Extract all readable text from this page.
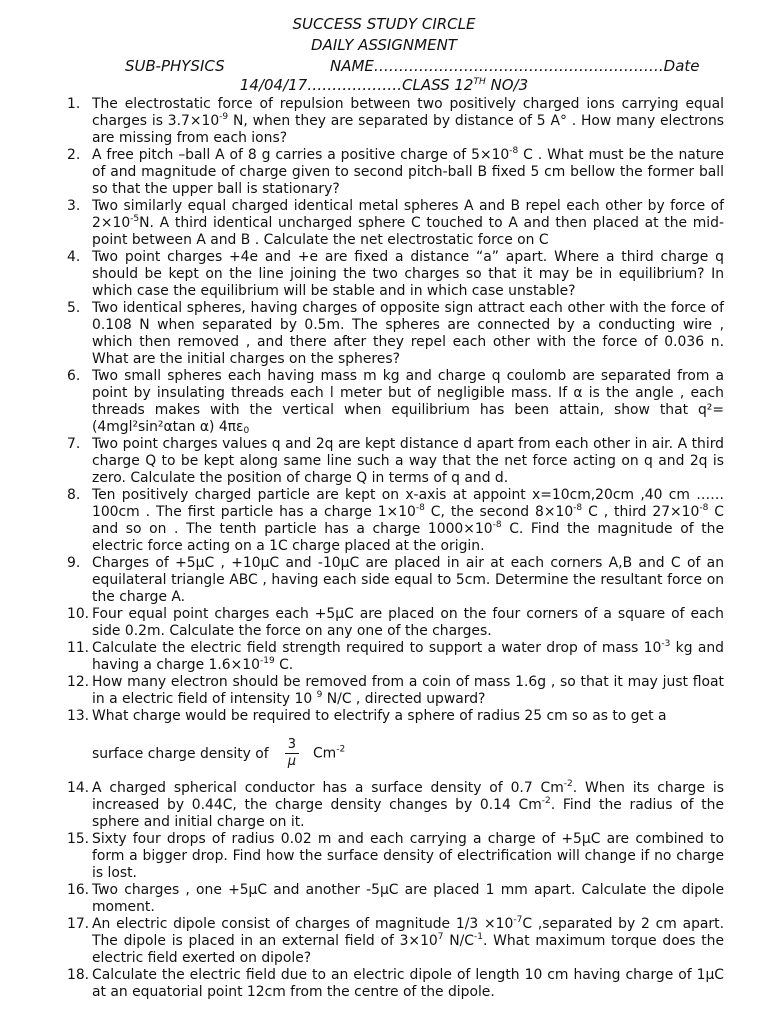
SUCCESS STUDY CIRCLE
DAILY ASSIGNMENT
SUB-PHYSICS	NAME………………………………………………….Date
14/04/17……………….CLASS 12TH NO/3
1. The electrostatic force of repulsion between two positively charged ions carrying equal charges is $3.7\times 10^{-9}$ N, when they are separated by distance of 5 A° . How many electrons are missing from each ions?
2. A free pitch –ball A of 8 g carries a positive charge of $5\times 10^{-8}$ C . What must be the nature of and magnitude of charge given to second pitch-ball B fixed 5 cm bellow the former ball so that the upper ball is stationary?
3. Two similarly equal charged identical metal spheres A and B repel each other by force of $2\times 10^{-5}N$. A third identical uncharged sphere C touched to A and then placed at the mid-point between A and B . Calculate the net electrostatic force on C
4. Two point charges +4e and +e are fixed a distance “a” apart. Where a third charge q should be kept on the line joining the two charges so that it may be in equilibrium? In which case the equilibrium will be stable and in which case unstable?
5. Two identical spheres, having charges of opposite sign attract each other with the force of 0.108 N when separated by 0.5m. The spheres are connected by a conducting wire , which then removed , and there after they repel each other with the force of 0.036 n. What are the initial charges on the spheres?
6. Two small spheres each having mass m kg and charge q coulomb are separated from a point by insulating threads each l meter but of negligible mass. If α is the angle , each threads makes with the vertical when equilibrium has been attain, show that q²=(4mgl²sin²αtan α) $4\pi\varepsilon_0$
7. Two point charges values q and 2q are kept distance d apart from each other in air. A third charge Q to be kept along same line such a way that the net force acting on q and 2q is zero. Calculate the position of charge Q in terms of q and d.
8. Ten positively charged particle are kept on x-axis at appoint x=10cm,20cm ,40 cm ……100cm . The first particle has a charge $1\times 10^{-8}$ C, the second $8\times 10^{-8}$ C , third $27\times 10^{-8}$ C and so on . The tenth particle has a charge $1000\times 10^{-8}$ C. Find the magnitude of the electric force acting on a 1C charge placed at the origin.
9. Charges of +5μC , +10μC and -10μC are placed in air at each corners A,B and C of an equilateral triangle ABC , having each side equal to 5cm. Determine the resultant force on the charge A.
10. Four equal point charges each +5μC are placed on the four corners of a square of each side 0.2m. Calculate the force on any one of the charges.
11. Calculate the electric field strength required to support a water drop of mass $10^{-3}$ kg and having a charge $1.6\times 10^{-19}$ C.
12. How many electron should be removed from a coin of mass 1.6g , so that it may just float in a electric field of intensity 10 $^9$ N/C , directed upward?
13. What charge would be required to electrify a sphere of radius 25 cm so as to get a
surface charge density of $\frac{3}{\mu} Cm^{-2}$
14. A charged spherical conductor has a surface density of 0.7 $Cm^{-2}$. When its charge is increased by 0.44C, the charge density changes by 0.14 $Cm^{-2}$. Find the radius of the sphere and initial charge on it.
15. Sixty four drops of radius 0.02 m and each carrying a charge of +5μC are combined to form a bigger drop. Find how the surface density of electrification will change if no charge is lost.
16. Two charges , one +5μC and another -5μC are placed 1 mm apart. Calculate the dipole moment.
17. An electric dipole consist of charges of magnitude $1/3 \times 10^{-7}C$ ,separated by 2 cm apart. The dipole is placed in an external field of $3\times 10^7$ $N/C^{-1}$. What maximum torque does the electric field exerted on dipole?
18. Calculate the electric field due to an electric dipole of length 10 cm having charge of 1μC at an equatorial point 12cm from the centre of the dipole.
